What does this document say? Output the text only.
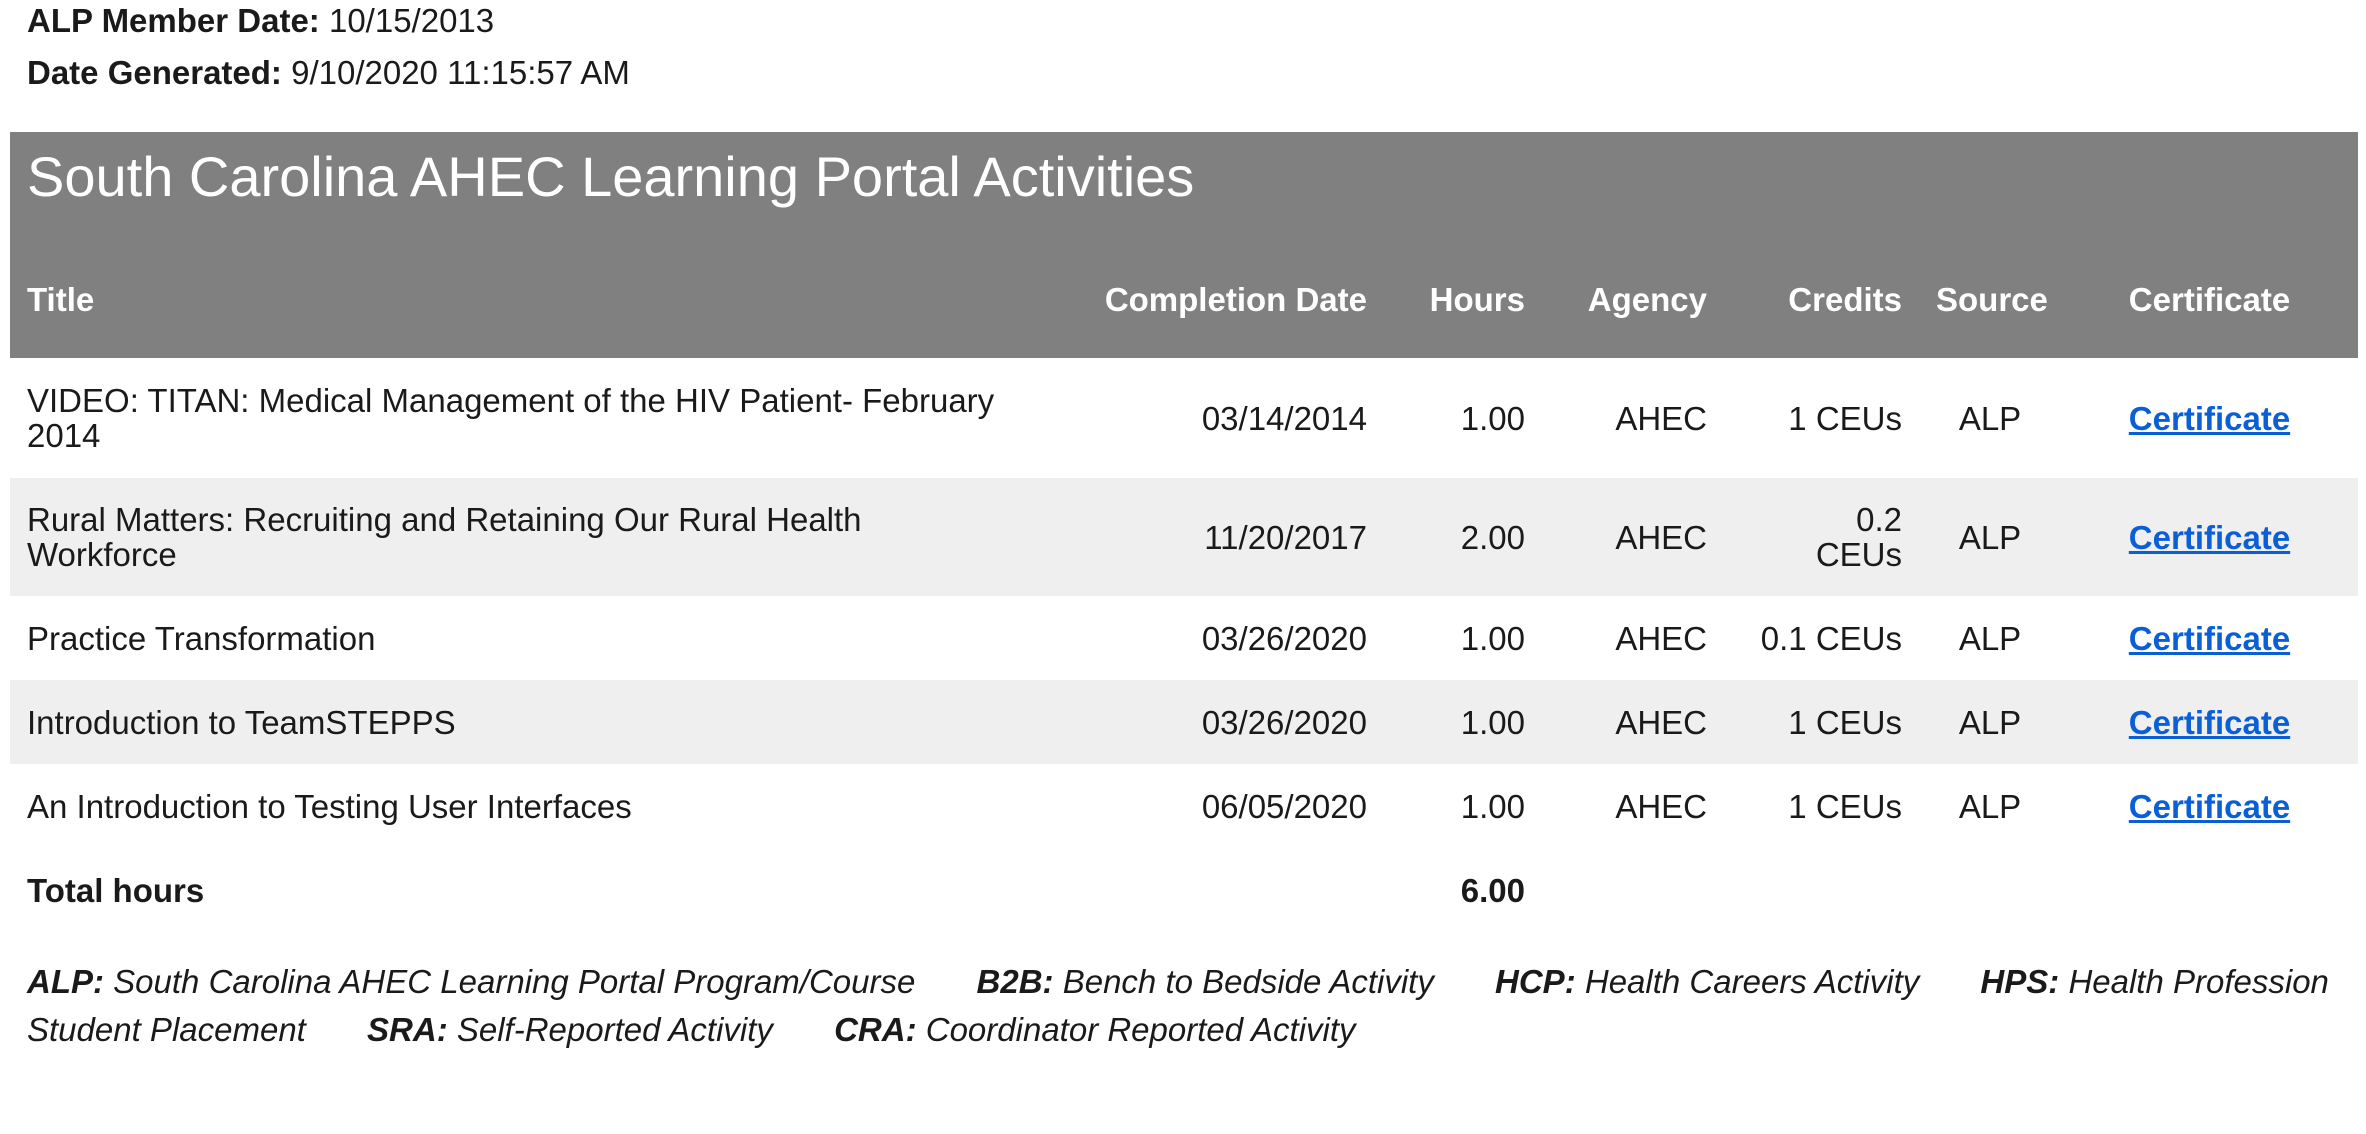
ALP Member Date: 10/15/2013
Date Generated: 9/10/2020 11:15:57 AM
South Carolina AHEC Learning Portal Activities
Title	Completion Date	Hours	Agency	Credits	Source	Certificate
VIDEO: TITAN: Medical Management of the HIV Patient- February 2014	03/14/2014	1.00	AHEC	1 CEUs	ALP	Certificate
Rural Matters: Recruiting and Retaining Our Rural Health Workforce	11/20/2017	2.00	AHEC	0.2 CEUs	ALP	Certificate
Practice Transformation	03/26/2020	1.00	AHEC	0.1 CEUs	ALP	Certificate
Introduction to TeamSTEPPS	03/26/2020	1.00	AHEC	1 CEUs	ALP	Certificate
An Introduction to Testing User Interfaces	06/05/2020	1.00	AHEC	1 CEUs	ALP	Certificate
Total hours		6.00				
ALP: South Carolina AHEC Learning Portal Program/Course B2B: Bench to Bedside Activity HCP: Health Careers Activity HPS: Health Profession Student Placement SRA: Self-Reported Activity CRA: Coordinator Reported Activity
